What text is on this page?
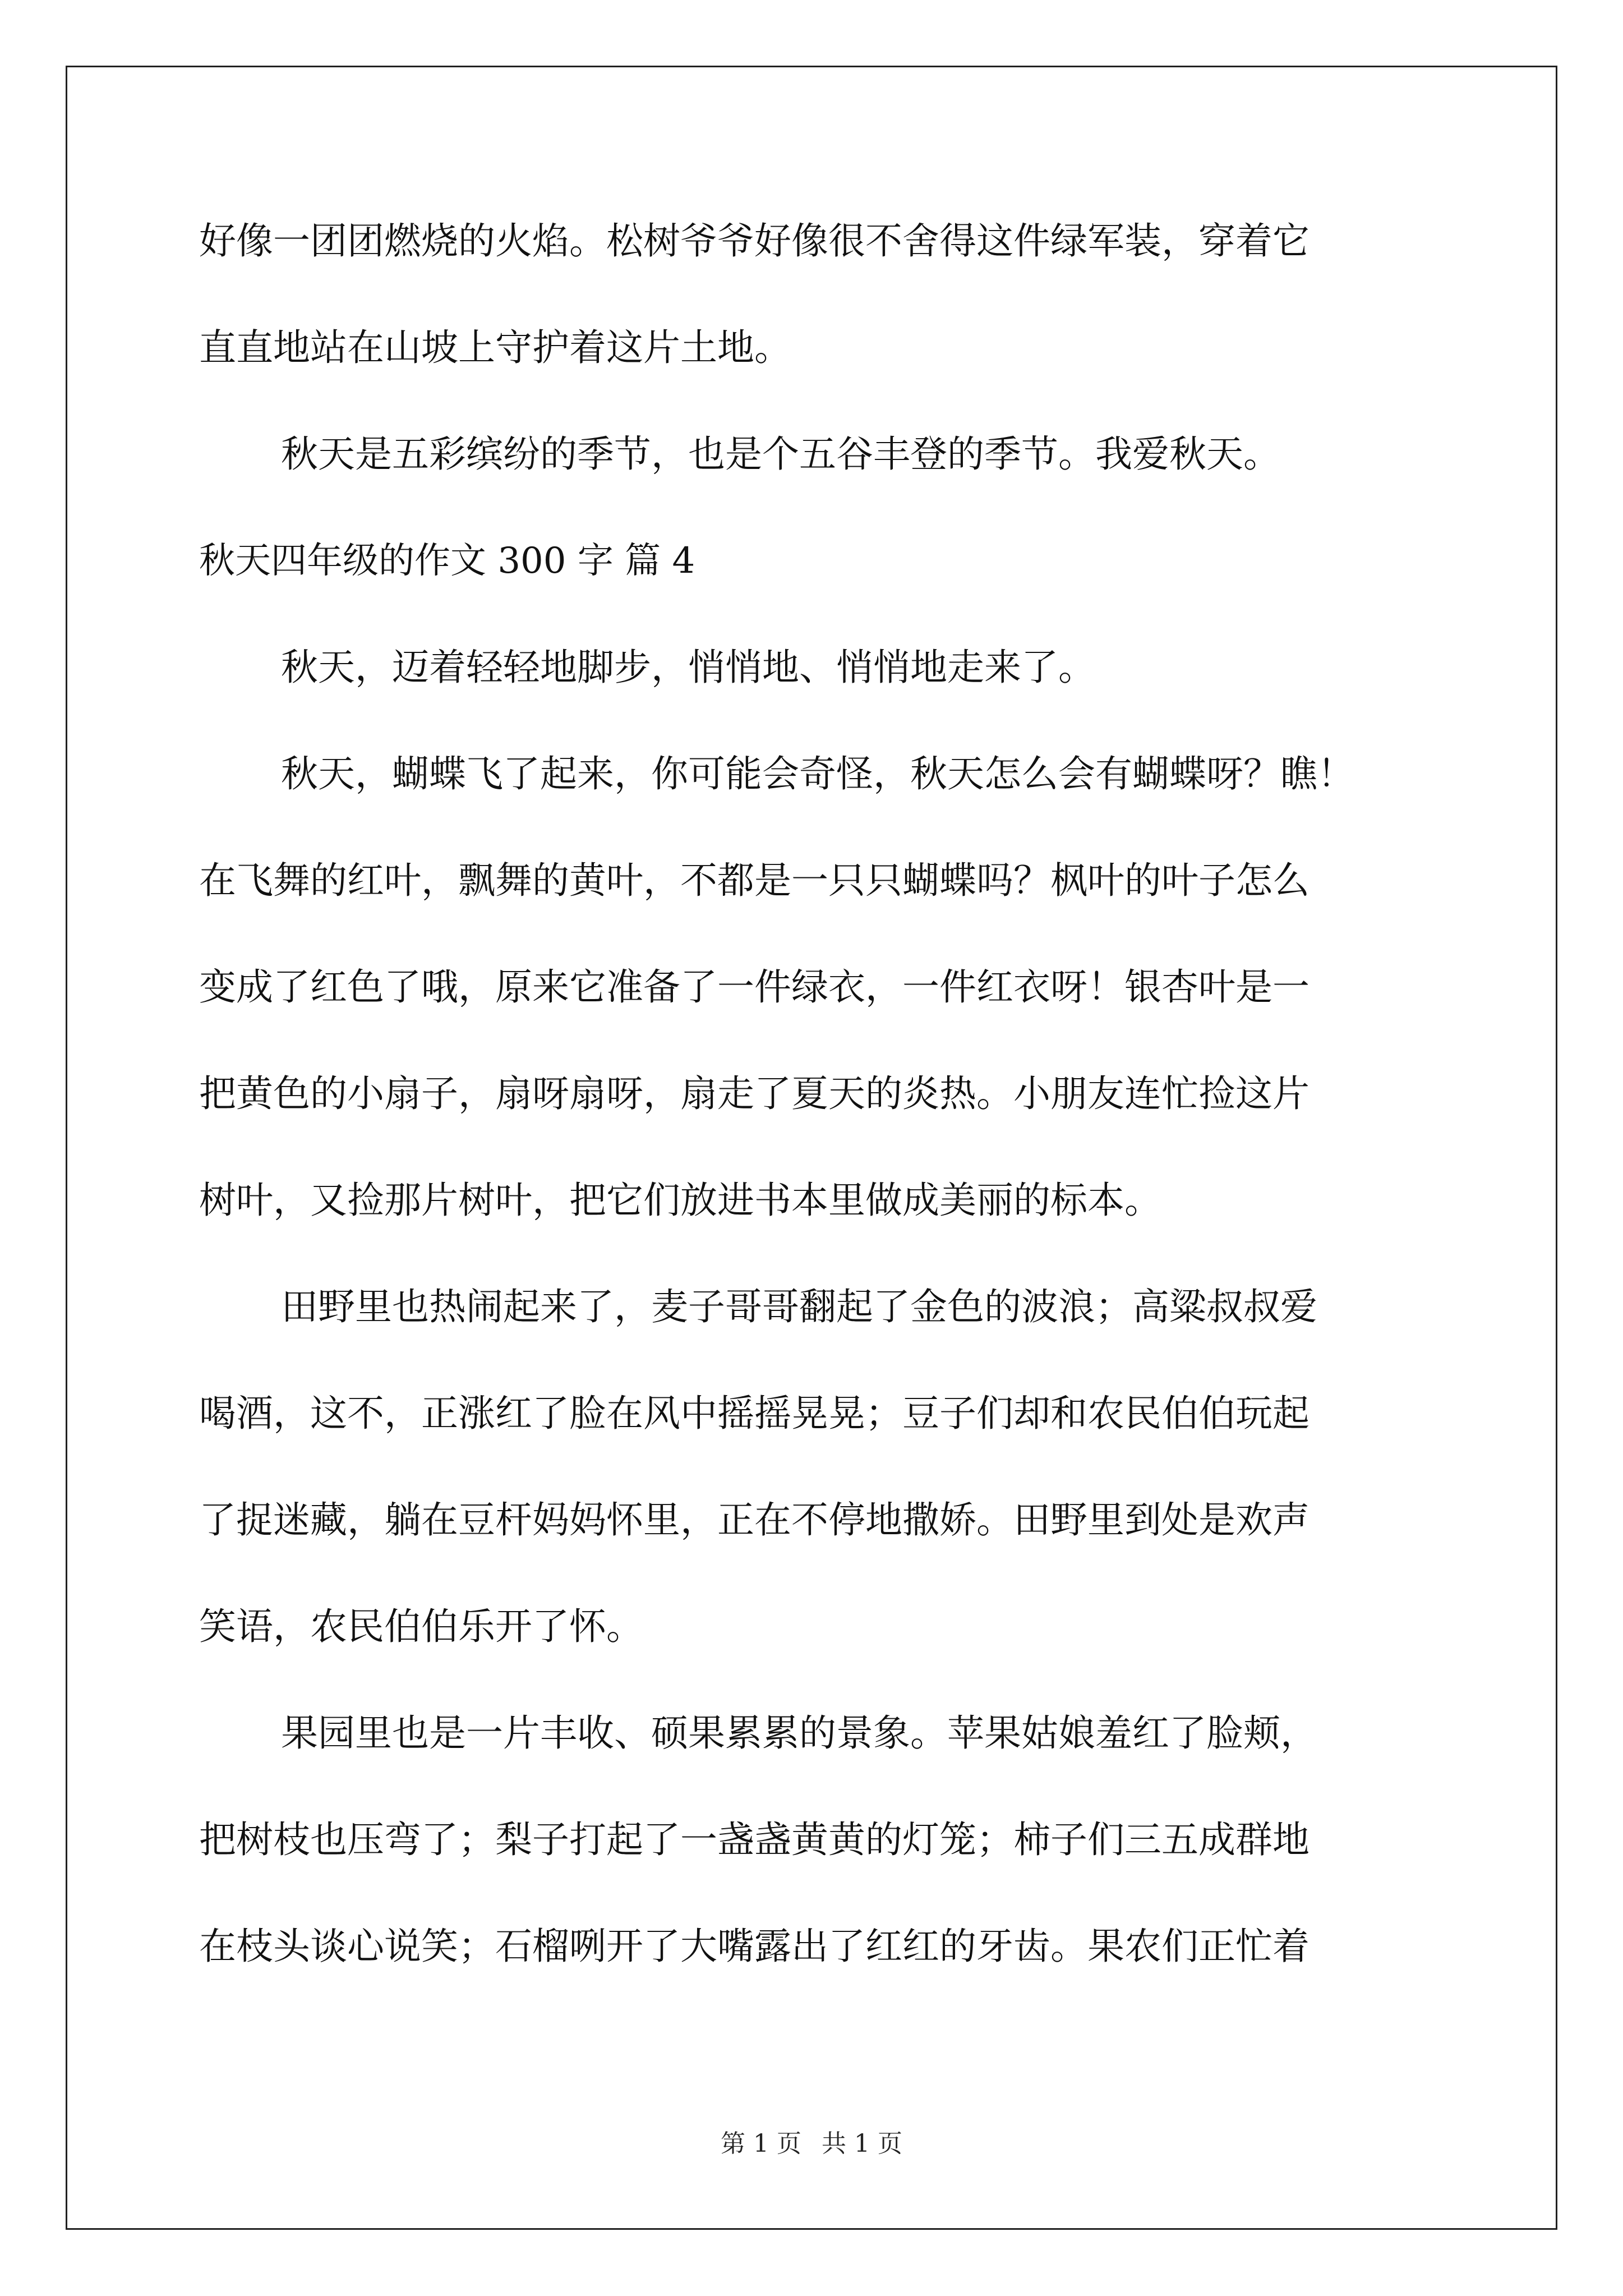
好像一团团燃烧的火焰。松树爷爷好像很不舍得这件绿军装，穿着它
直直地站在山坡上守护着这片土地。
秋天是五彩缤纷的季节，也是个五谷丰登的季节。我爱秋天。
秋天四年级的作文 300 字 篇 4
秋天，迈着轻轻地脚步，悄悄地、悄悄地走来了。
秋天，蝴蝶飞了起来，你可能会奇怪，秋天怎么会有蝴蝶呀？瞧！
在飞舞的红叶，飘舞的黄叶，不都是一只只蝴蝶吗？枫叶的叶子怎么
变成了红色了哦，原来它准备了一件绿衣，一件红衣呀！银杏叶是一
把黄色的小扇子，扇呀扇呀，扇走了夏天的炎热。小朋友连忙捡这片
树叶，又捡那片树叶，把它们放进书本里做成美丽的标本。
田野里也热闹起来了，麦子哥哥翻起了金色的波浪；高粱叔叔爱
喝酒，这不，正涨红了脸在风中摇摇晃晃；豆子们却和农民伯伯玩起
了捉迷藏，躺在豆杆妈妈怀里，正在不停地撒娇。田野里到处是欢声
笑语，农民伯伯乐开了怀。
果园里也是一片丰收、硕果累累的景象。苹果姑娘羞红了脸颊，
把树枝也压弯了；梨子打起了一盏盏黄黄的灯笼；柿子们三五成群地
在枝头谈心说笑；石榴咧开了大嘴露出了红红的牙齿。果农们正忙着
第 1 页 共 1 页
